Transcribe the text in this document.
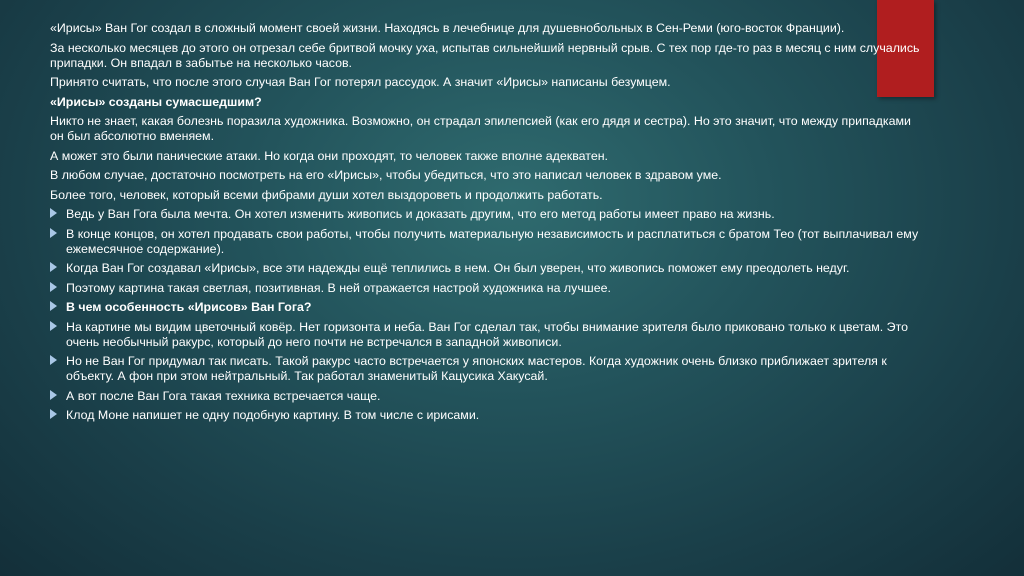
«Ирисы» Ван Гог создал в сложный момент своей жизни. Находясь в лечебнице для душевнобольных в Сен-Реми (юго-восток Франции).

За несколько месяцев до этого он отрезал себе бритвой мочку уха, испытав сильнейший нервный срыв. С тех пор где-то раз в месяц с ним случались припадки. Он впадал в забытье на несколько часов.

Принято считать, что после этого случая Ван Гог потерял рассудок. А значит «Ирисы» написаны безумцем.

«Ирисы» созданы сумасшедшим?

Никто не знает, какая болезнь поразила художника. Возможно, он страдал эпилепсией (как его дядя и сестра). Но это значит, что между припадками он был абсолютно вменяем.

А может это были панические атаки. Но когда они проходят, то человек также вполне адекватен.

В любом случае, достаточно посмотреть на его «Ирисы», чтобы убедиться, что это написал человек в здравом уме.

Более того, человек, который всеми фибрами души хотел выздороветь и продолжить работать.

Ведь у Ван Гога была мечта. Он хотел изменить живопись и доказать другим, что его метод работы имеет право на жизнь.
В конце концов, он хотел продавать свои работы, чтобы получить материальную независимость и расплатиться с братом Тео (тот выплачивал ему ежемесячное содержание).
Когда Ван Гог создавал «Ирисы», все эти надежды ещё теплились в нем. Он был уверен, что живопись поможет ему преодолеть недуг.
Поэтому картина такая светлая, позитивная. В ней отражается настрой художника на лучшее.
В чем особенность «Ирисов» Ван Гога?
На картине мы видим цветочный ковёр. Нет горизонта и неба. Ван Гог сделал так, чтобы внимание зрителя было приковано только к цветам. Это очень необычный ракурс, который до него почти не встречался в западной живописи.
Но не Ван Гог придумал так писать. Такой ракурс часто встречается у японских мастеров. Когда художник очень близко приближает зрителя к объекту. А фон при этом нейтральный. Так работал знаменитый Кацусика Хакусай.
А вот после Ван Гога такая техника встречается чаще.
Клод Моне напишет не одну подобную картину. В том числе с ирисами.
